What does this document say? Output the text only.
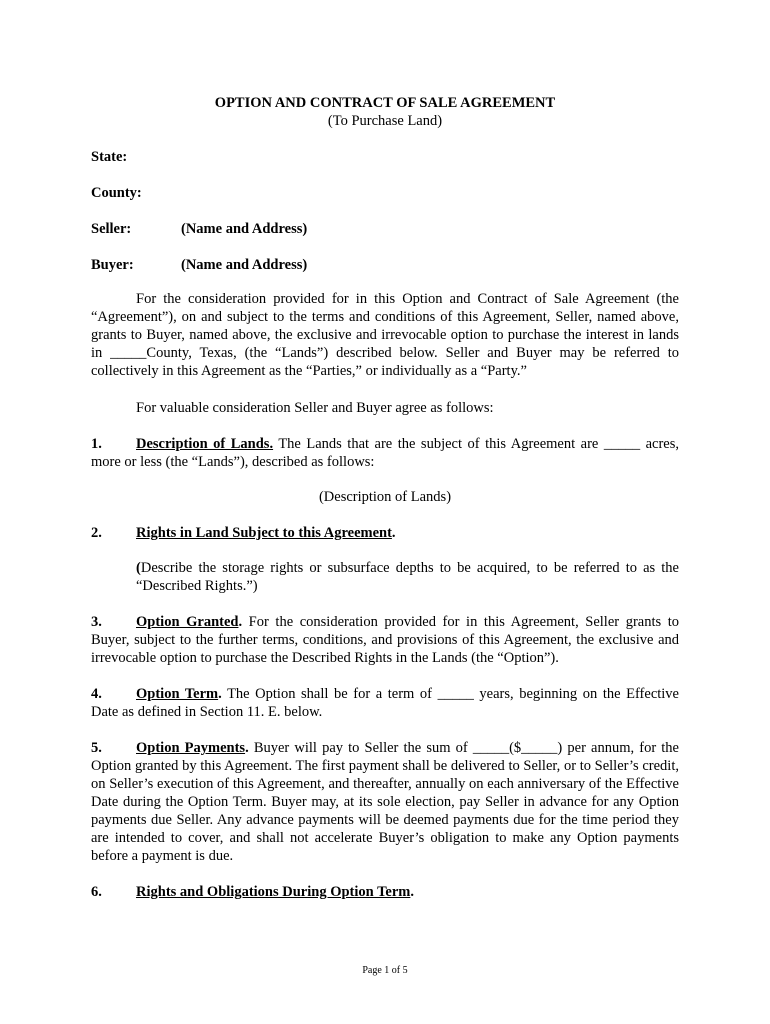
OPTION AND CONTRACT OF SALE AGREEMENT
(To Purchase Land)
State:
County:
Seller:	(Name and Address)
Buyer:	(Name and Address)

For the consideration provided for in this Option and Contract of Sale Agreement (the “Agreement”), on and subject to the terms and conditions of this Agreement, Seller, named above, grants to Buyer, named above, the exclusive and irrevocable option to purchase the interest in lands in _____County, Texas, (the “Lands”) described below. Seller and Buyer may be referred to collectively in this Agreement as the “Parties,” or individually as a “Party.”

For valuable consideration Seller and Buyer agree as follows:

1. Description of Lands. The Lands that are the subject of this Agreement are _____ acres, more or less (the “Lands”), described as follows:

(Description of Lands)

2. Rights in Land Subject to this Agreement.

(Describe the storage rights or subsurface depths to be acquired, to be referred to as the “Described Rights.”)

3. Option Granted. For the consideration provided for in this Agreement, Seller grants to Buyer, subject to the further terms, conditions, and provisions of this Agreement, the exclusive and irrevocable option to purchase the Described Rights in the Lands (the “Option”).

4. Option Term. The Option shall be for a term of _____ years, beginning on the Effective Date as defined in Section 11. E. below.

5. Option Payments. Buyer will pay to Seller the sum of _____($_____) per annum, for the Option granted by this Agreement. The first payment shall be delivered to Seller, or to Seller’s credit, on Seller’s execution of this Agreement, and thereafter, annually on each anniversary of the Effective Date during the Option Term. Buyer may, at its sole election, pay Seller in advance for any Option payments due Seller. Any advance payments will be deemed payments due for the time period they are intended to cover, and shall not accelerate Buyer’s obligation to make any Option payments before a payment is due.

6. Rights and Obligations During Option Term.

Page 1 of 5
